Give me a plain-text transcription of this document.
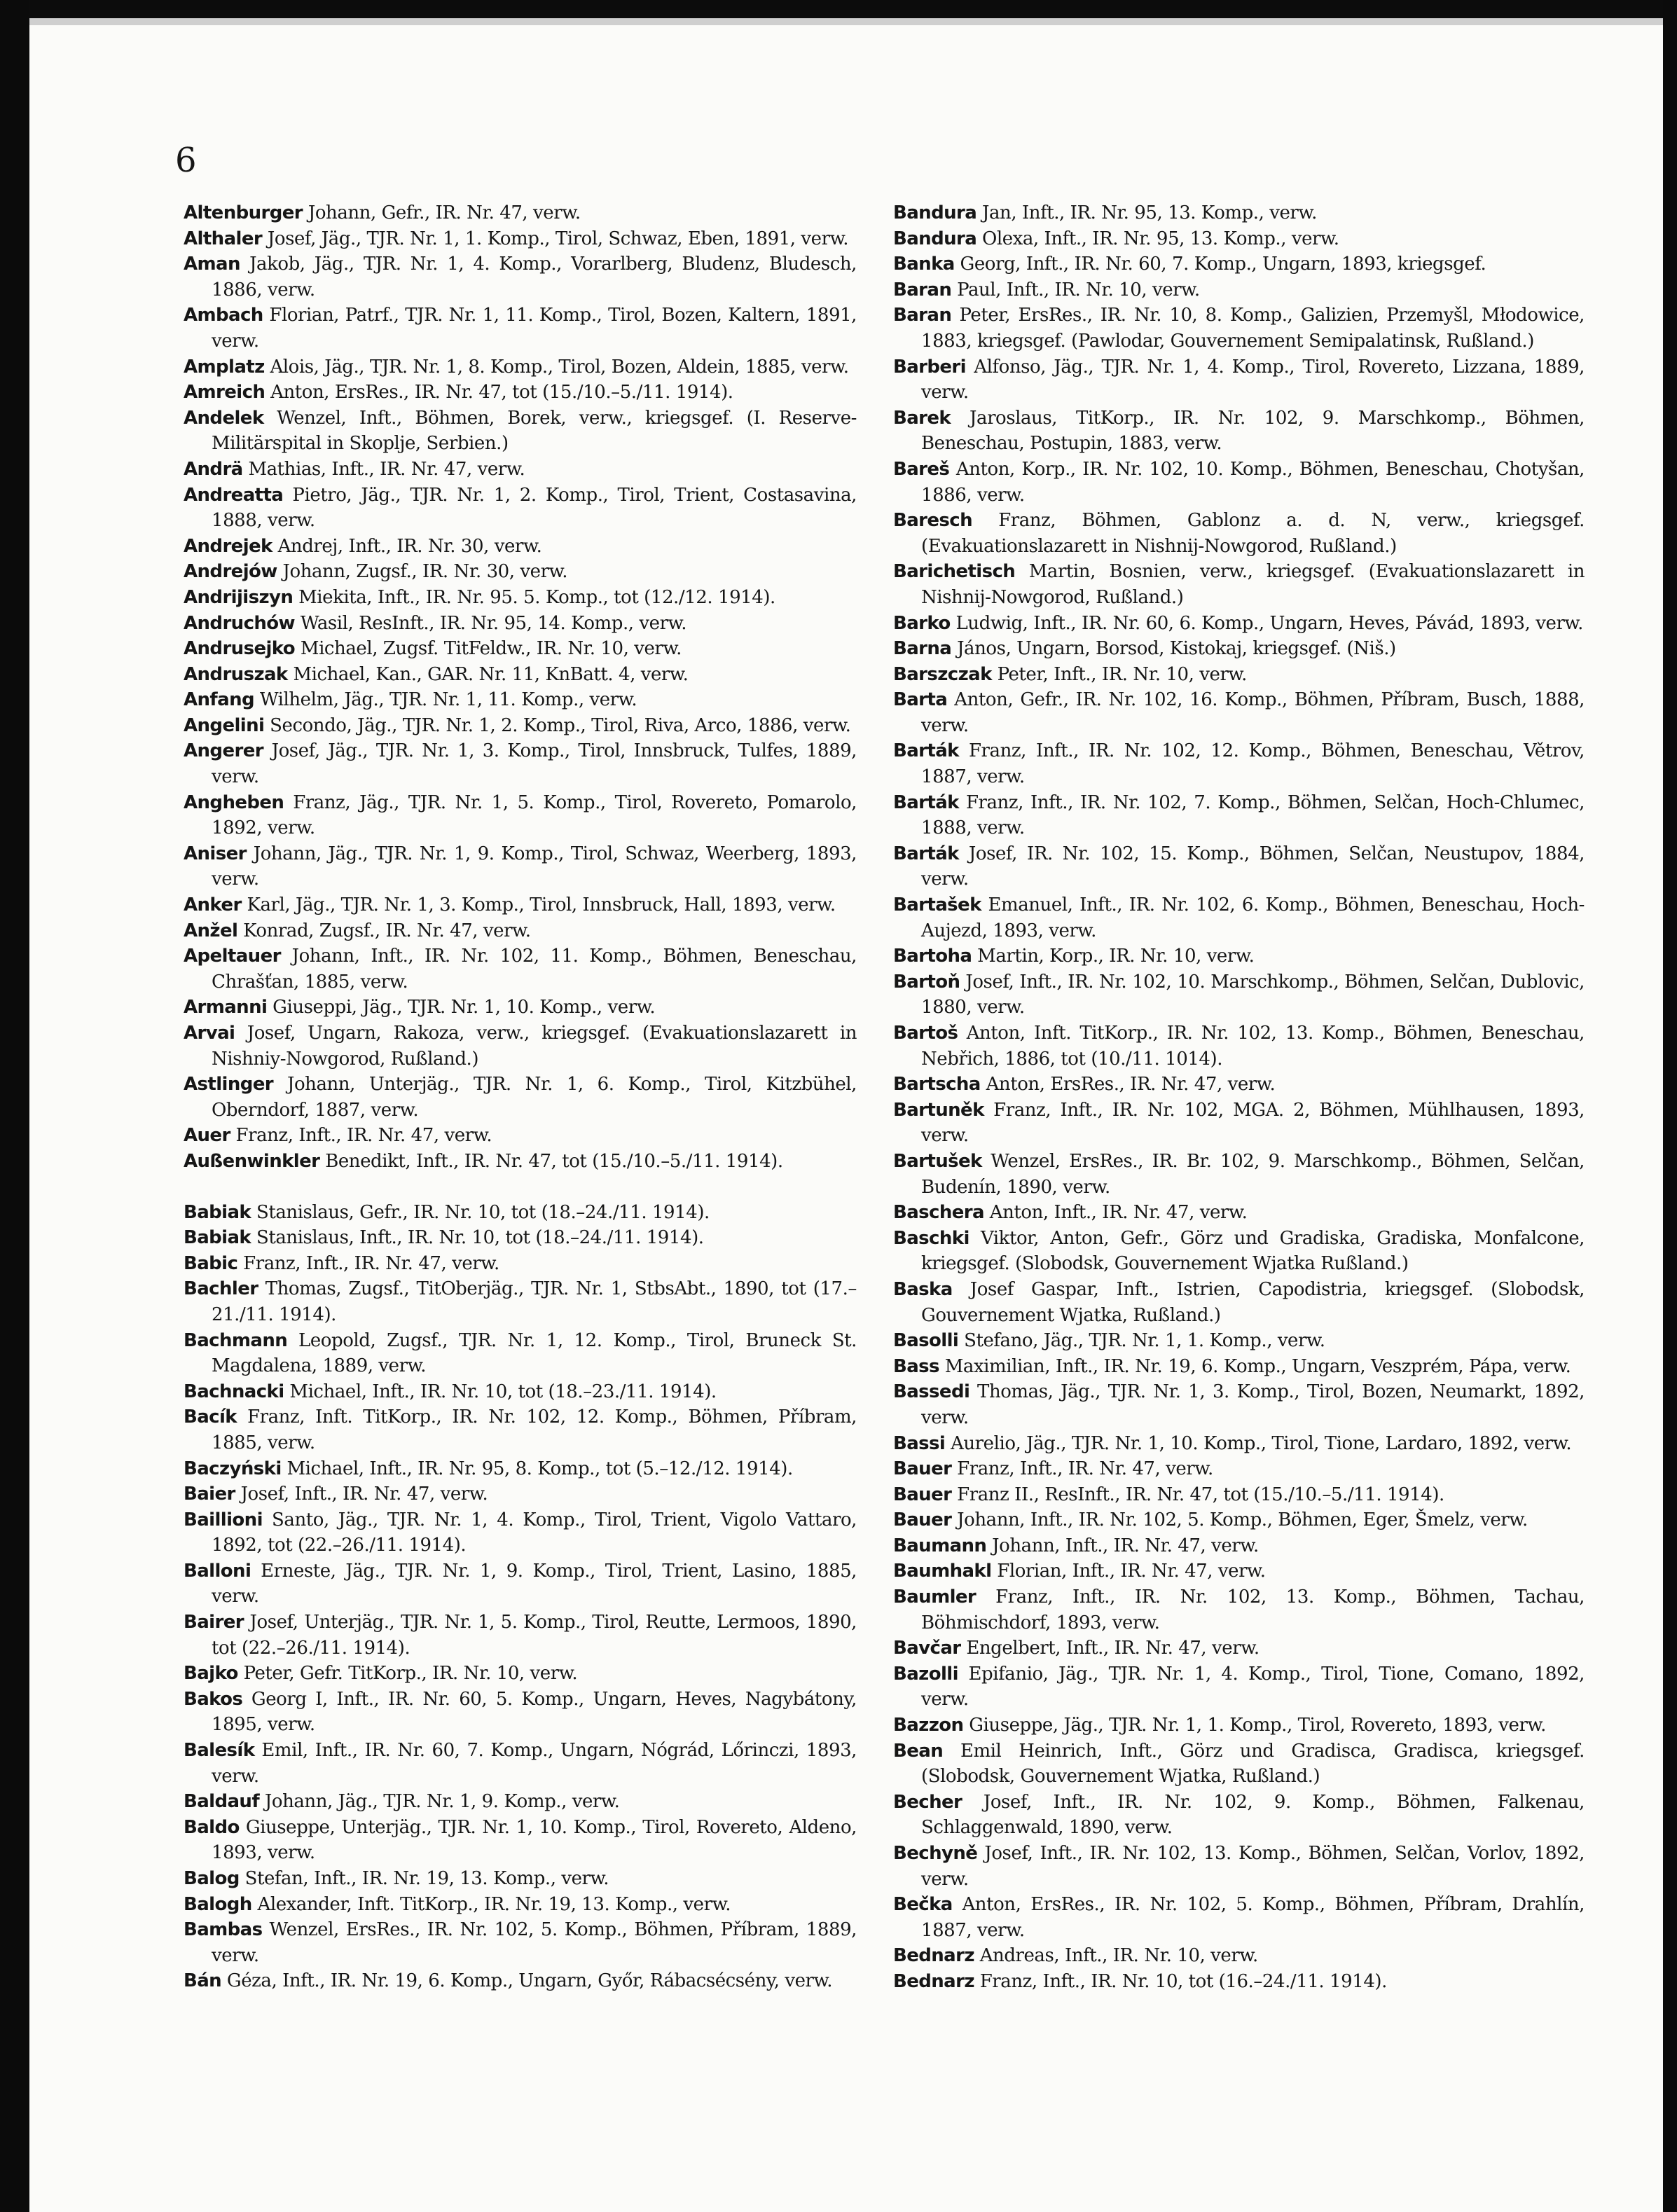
6
Altenburger Johann, Gefr., IR. Nr. 47, verw.
Althaler Josef, Jäg., TJR. Nr. 1, 1. Komp., Tirol, Schwaz, Eben, 1891, verw.
Aman Jakob, Jäg., TJR. Nr. 1, 4. Komp., Vorarlberg, Bludenz, Bludesch, 1886, verw.
Ambach Florian, Patrf., TJR. Nr. 1, 11. Komp., Tirol, Bozen, Kaltern, 1891, verw.
Amplatz Alois, Jäg., TJR. Nr. 1, 8. Komp., Tirol, Bozen, Aldein, 1885, verw.
Amreich Anton, ErsRes., IR. Nr. 47, tot (15./10.–5./11. 1914).
Andelek Wenzel, Inft., Böhmen, Borek, verw., kriegsgef. (I. Reserve-Militärspital in Skoplje, Serbien.)
Andrä Mathias, Inft., IR. Nr. 47, verw.
Andreatta Pietro, Jäg., TJR. Nr. 1, 2. Komp., Tirol, Trient, Costasavina, 1888, verw.
Andrejek Andrej, Inft., IR. Nr. 30, verw.
Andrejów Johann, Zugsf., IR. Nr. 30, verw.
Andrijiszyn Miekita, Inft., IR. Nr. 95. 5. Komp., tot (12./12. 1914).
Andruchów Wasil, ResInft., IR. Nr. 95, 14. Komp., verw.
Andrusejko Michael, Zugsf. TitFeldw., IR. Nr. 10, verw.
Andruszak Michael, Kan., GAR. Nr. 11, KnBatt. 4, verw.
Anfang Wilhelm, Jäg., TJR. Nr. 1, 11. Komp., verw.
Angelini Secondo, Jäg., TJR. Nr. 1, 2. Komp., Tirol, Riva, Arco, 1886, verw.
Angerer Josef, Jäg., TJR. Nr. 1, 3. Komp., Tirol, Innsbruck, Tulfes, 1889, verw.
Angheben Franz, Jäg., TJR. Nr. 1, 5. Komp., Tirol, Rovereto, Pomarolo, 1892, verw.
Aniser Johann, Jäg., TJR. Nr. 1, 9. Komp., Tirol, Schwaz, Weerberg, 1893, verw.
Anker Karl, Jäg., TJR. Nr. 1, 3. Komp., Tirol, Innsbruck, Hall, 1893, verw.
Anžel Konrad, Zugsf., IR. Nr. 47, verw.
Apeltauer Johann, Inft., IR. Nr. 102, 11. Komp., Böhmen, Beneschau, Chrašťan, 1885, verw.
Armanni Giuseppi, Jäg., TJR. Nr. 1, 10. Komp., verw.
Arvai Josef, Ungarn, Rakoza, verw., kriegsgef. (Evakuationslazarett in Nishniy-Nowgorod, Rußland.)
Astlinger Johann, Unterjäg., TJR. Nr. 1, 6. Komp., Tirol, Kitzbühel, Oberndorf, 1887, verw.
Auer Franz, Inft., IR. Nr. 47, verw.
Außenwinkler Benedikt, Inft., IR. Nr. 47, tot (15./10.–5./11. 1914).
Babiak Stanislaus, Gefr., IR. Nr. 10, tot (18.–24./11. 1914).
Babiak Stanislaus, Inft., IR. Nr. 10, tot (18.–24./11. 1914).
Babic Franz, Inft., IR. Nr. 47, verw.
Bachler Thomas, Zugsf., TitOberjäg., TJR. Nr. 1, StbsAbt., 1890, tot (17.–21./11. 1914).
Bachmann Leopold, Zugsf., TJR. Nr. 1, 12. Komp., Tirol, Bruneck St. Magdalena, 1889, verw.
Bachnacki Michael, Inft., IR. Nr. 10, tot (18.–23./11. 1914).
Bacík Franz, Inft. TitKorp., IR. Nr. 102, 12. Komp., Böhmen, Příbram, 1885, verw.
Baczyński Michael, Inft., IR. Nr. 95, 8. Komp., tot (5.–12./12. 1914).
Baier Josef, Inft., IR. Nr. 47, verw.
Baillioni Santo, Jäg., TJR. Nr. 1, 4. Komp., Tirol, Trient, Vigolo Vattaro, 1892, tot (22.–26./11. 1914).
Balloni Erneste, Jäg., TJR. Nr. 1, 9. Komp., Tirol, Trient, Lasino, 1885, verw.
Bairer Josef, Unterjäg., TJR. Nr. 1, 5. Komp., Tirol, Reutte, Lermoos, 1890, tot (22.–26./11. 1914).
Bajko Peter, Gefr. TitKorp., IR. Nr. 10, verw.
Bakos Georg I, Inft., IR. Nr. 60, 5. Komp., Ungarn, Heves, Nagybátony, 1895, verw.
Balesík Emil, Inft., IR. Nr. 60, 7. Komp., Ungarn, Nógrád, Lőrinczi, 1893, verw.
Baldauf Johann, Jäg., TJR. Nr. 1, 9. Komp., verw.
Baldo Giuseppe, Unterjäg., TJR. Nr. 1, 10. Komp., Tirol, Rovereto, Aldeno, 1893, verw.
Balog Stefan, Inft., IR. Nr. 19, 13. Komp., verw.
Balogh Alexander, Inft. TitKorp., IR. Nr. 19, 13. Komp., verw.
Bambas Wenzel, ErsRes., IR. Nr. 102, 5. Komp., Böhmen, Příbram, 1889, verw.
Bán Géza, Inft., IR. Nr. 19, 6. Komp., Ungarn, Győr, Rábacsécsény, verw.
Bandura Jan, Inft., IR. Nr. 95, 13. Komp., verw.
Bandura Olexa, Inft., IR. Nr. 95, 13. Komp., verw.
Banka Georg, Inft., IR. Nr. 60, 7. Komp., Ungarn, 1893, kriegsgef.
Baran Paul, Inft., IR. Nr. 10, verw.
Baran Peter, ErsRes., IR. Nr. 10, 8. Komp., Galizien, Przemyšl, Młodowice, 1883, kriegsgef. (Pawlodar, Gouvernement Semipalatinsk, Rußland.)
Barberi Alfonso, Jäg., TJR. Nr. 1, 4. Komp., Tirol, Rovereto, Lizzana, 1889, verw.
Barek Jaroslaus, TitKorp., IR. Nr. 102, 9. Marschkomp., Böhmen, Beneschau, Postupin, 1883, verw.
Bareš Anton, Korp., IR. Nr. 102, 10. Komp., Böhmen, Beneschau, Chotyšan, 1886, verw.
Baresch Franz, Böhmen, Gablonz a. d. N, verw., kriegsgef. (Evakuationslazarett in Nishnij-Nowgorod, Rußland.)
Barichetisch Martin, Bosnien, verw., kriegsgef. (Evakuationslazarett in Nishnij-Nowgorod, Rußland.)
Barko Ludwig, Inft., IR. Nr. 60, 6. Komp., Ungarn, Heves, Pávád, 1893, verw.
Barna János, Ungarn, Borsod, Kistokaj, kriegsgef. (Niš.)
Barszczak Peter, Inft., IR. Nr. 10, verw.
Barta Anton, Gefr., IR. Nr. 102, 16. Komp., Böhmen, Příbram, Busch, 1888, verw.
Barták Franz, Inft., IR. Nr. 102, 12. Komp., Böhmen, Beneschau, Větrov, 1887, verw.
Barták Franz, Inft., IR. Nr. 102, 7. Komp., Böhmen, Selčan, Hoch-Chlumec, 1888, verw.
Barták Josef, IR. Nr. 102, 15. Komp., Böhmen, Selčan, Neustupov, 1884, verw.
Bartašek Emanuel, Inft., IR. Nr. 102, 6. Komp., Böhmen, Beneschau, Hoch-Aujezd, 1893, verw.
Bartoha Martin, Korp., IR. Nr. 10, verw.
Bartoň Josef, Inft., IR. Nr. 102, 10. Marschkomp., Böhmen, Selčan, Dublovic, 1880, verw.
Bartoš Anton, Inft. TitKorp., IR. Nr. 102, 13. Komp., Böhmen, Beneschau, Nebřich, 1886, tot (10./11. 1014).
Bartscha Anton, ErsRes., IR. Nr. 47, verw.
Bartuněk Franz, Inft., IR. Nr. 102, MGA. 2, Böhmen, Mühlhausen, 1893, verw.
Bartušek Wenzel, ErsRes., IR. Br. 102, 9. Marschkomp., Böhmen, Selčan, Budenín, 1890, verw.
Baschera Anton, Inft., IR. Nr. 47, verw.
Baschki Viktor, Anton, Gefr., Görz und Gradiska, Gradiska, Monfalcone, kriegsgef. (Slobodsk, Gouvernement Wjatka Rußland.)
Baska Josef Gaspar, Inft., Istrien, Capodistria, kriegsgef. (Slobodsk, Gouvernement Wjatka, Rußland.)
Basolli Stefano, Jäg., TJR. Nr. 1, 1. Komp., verw.
Bass Maximilian, Inft., IR. Nr. 19, 6. Komp., Ungarn, Veszprém, Pápa, verw.
Bassedi Thomas, Jäg., TJR. Nr. 1, 3. Komp., Tirol, Bozen, Neumarkt, 1892, verw.
Bassi Aurelio, Jäg., TJR. Nr. 1, 10. Komp., Tirol, Tione, Lardaro, 1892, verw.
Bauer Franz, Inft., IR. Nr. 47, verw.
Bauer Franz II., ResInft., IR. Nr. 47, tot (15./10.–5./11. 1914).
Bauer Johann, Inft., IR. Nr. 102, 5. Komp., Böhmen, Eger, Šmelz, verw.
Baumann Johann, Inft., IR. Nr. 47, verw.
Baumhakl Florian, Inft., IR. Nr. 47, verw.
Baumler Franz, Inft., IR. Nr. 102, 13. Komp., Böhmen, Tachau, Böhmischdorf, 1893, verw.
Bavčar Engelbert, Inft., IR. Nr. 47, verw.
Bazolli Epifanio, Jäg., TJR. Nr. 1, 4. Komp., Tirol, Tione, Comano, 1892, verw.
Bazzon Giuseppe, Jäg., TJR. Nr. 1, 1. Komp., Tirol, Rovereto, 1893, verw.
Bean Emil Heinrich, Inft., Görz und Gradisca, Gradisca, kriegsgef. (Slobodsk, Gouvernement Wjatka, Rußland.)
Becher Josef, Inft., IR. Nr. 102, 9. Komp., Böhmen, Falkenau, Schlaggenwald, 1890, verw.
Bechyně Josef, Inft., IR. Nr. 102, 13. Komp., Böhmen, Selčan, Vorlov, 1892, verw.
Bečka Anton, ErsRes., IR. Nr. 102, 5. Komp., Böhmen, Příbram, Drahlín, 1887, verw.
Bednarz Andreas, Inft., IR. Nr. 10, verw.
Bednarz Franz, Inft., IR. Nr. 10, tot (16.–24./11. 1914).
